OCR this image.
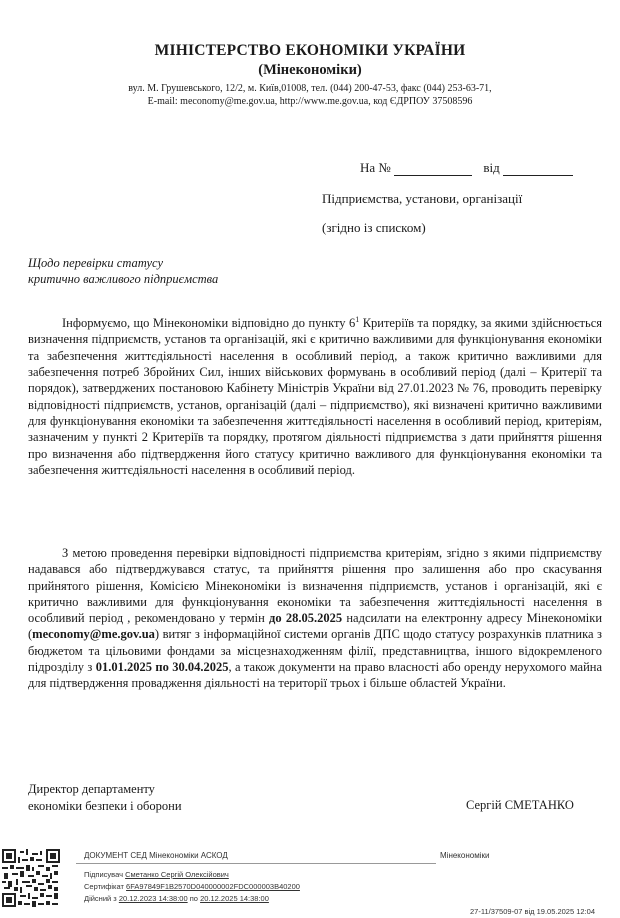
МІНІСТЕРСТВО ЕКОНОМІКИ УКРАЇНИ
(Мінекономіки)
вул. М. Грушевського, 12/2, м. Київ,01008, тел. (044) 200-47-53, факс (044) 253-63-71,
E-mail: meconomy@me.gov.ua, http://www.me.gov.ua, код ЄДРПОУ 37508596
На №	від
Підприємства, установи, організації
(згідно із списком)
Щодо перевірки статусу
критично важливого підприємства

Інформуємо, що Мінекономіки відповідно до пункту $6^1$ Критеріїв та порядку, за якими здійснюється визначення підприємств, установ та організацій, які є критично важливими для функціонування економіки та забезпечення життєдіяльності населення в особливий період, а також критично важливими для забезпечення потреб Збройних Сил, інших військових формувань в особливий період (далі – Критерії та порядок), затверджених постановою Кабінету Міністрів України від 27.01.2023 № 76, проводить перевірку відповідності підприємств, установ, організацій (далі – підприємство), які визначені критично важливими для функціонування економіки та забезпечення життєдіяльності населення в особливий період, критеріям, зазначеним у пункті 2 Критеріїв та порядку, протягом діяльності підприємства з дати прийняття рішення про визначення або підтвердження його статусу критично важливого для функціонування економіки та забезпечення життєдіяльності населення в особливий період.

З метою проведення перевірки відповідності підприємства критеріям, згідно з якими підприємству надавався або підтверджувався статус, та прийняття рішення про залишення або про скасування прийнятого рішення, Комісією Мінекономіки із визначення підприємств, установ і організацій, які є критично важливими для функціонування економіки та забезпечення життєдіяльності населення в особливий період , рекомендовано у термін до 28.05.2025 надсилати на електронну адресу Мінекономіки (meconomy@me.gov.ua) витяг з інформаційної системи органів ДПС щодо статусу розрахунків платника з бюджетом та цільовими фондами за місцезнаходженням філії, представництва, іншого відокремленого підрозділу з 01.01.2025 по 30.04.2025, а також документи на право власності або оренду нерухомого майна для підтвердження провадження діяльності на території трьох і більше областей України.

Директор департаменту
економіки безпеки і оборони	Сергій СМЕТАНКО
ДОКУМЕНТ СЕД Мінекономіки АСКОД	Мінекономіки
Підписувач Сметанко Сергій Олексійович
Сертифікат 6FA97849F1B2570D040000002FDC000003B40200
Дійсний з 20.12.2023 14:38:00 по 20.12.2025 14:38:00
27-11/37509-07 від 19.05.2025 12:04
